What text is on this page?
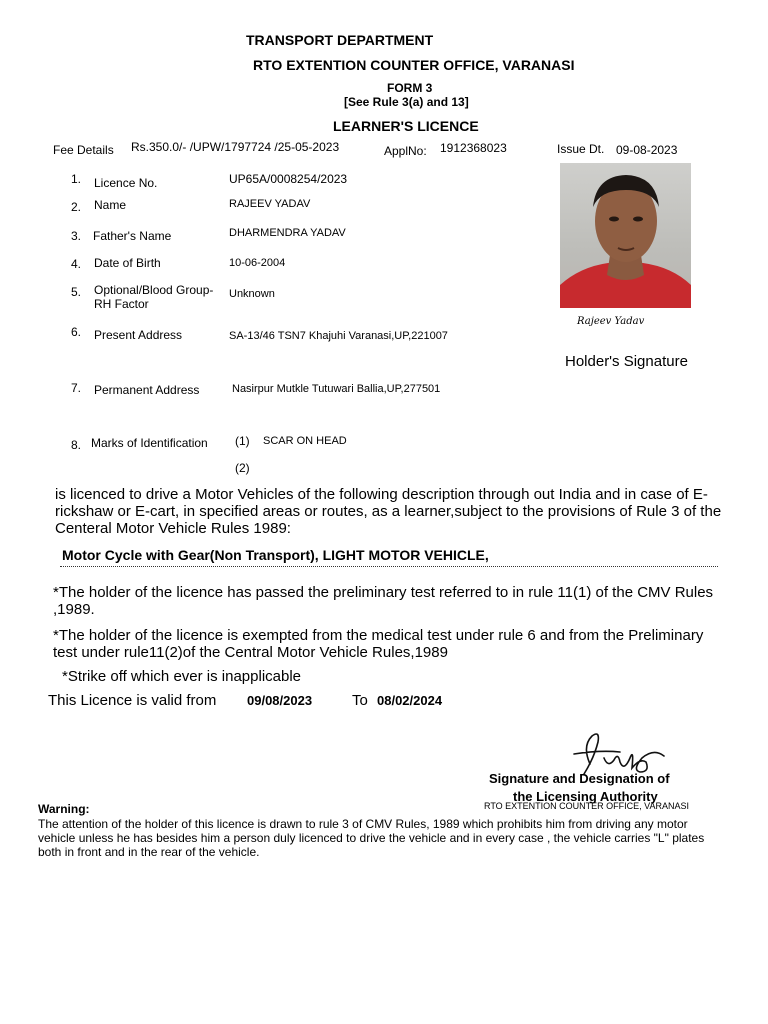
TRANSPORT DEPARTMENT
RTO EXTENTION COUNTER OFFICE, VARANASI
FORM 3
[See Rule 3(a) and 13]
LEARNER'S LICENCE
Fee Details Rs.350.0/- /UPW/1797724 /25-05-2023	ApplNo: 1912368023	Issue Dt. 09-08-2023
1. Licence No.	UP65A/0008254/2023
2. Name	RAJEEV YADAV
3. Father's Name	DHARMENDRA YADAV
4. Date of Birth	10-06-2004
5. Optional/Blood Group-
RH Factor
Unknown
6. Present Address	SA-13/46 TSN7 Khajuhi Varanasi,UP,221007
7. Permanent Address	Nasirpur Mutkle Tutuwari Ballia,UP,277501
8. Marks of Identification (1) SCAR ON HEAD
(2)
Rajeev Yadav
Holder's Signature
is licenced to drive a Motor Vehicles of the following description through out India and in case of E-rickshaw or E-cart, in specified areas or routes, as a learner,subject to the provisions of Rule 3 of the Centeral Motor Vehicle Rules 1989:
Motor Cycle with Gear(Non Transport), LIGHT MOTOR VEHICLE,
*The holder of the licence has passed the preliminary test referred to in rule 11(1) of the CMV Rules ,1989.
*The holder of the licence is exempted from the medical test under rule 6 and from the Preliminary test under rule11(2)of the Central Motor Vehicle Rules,1989
*Strike off which ever is inapplicable
This Licence is valid from 09/08/2023	To 08/02/2024
Signature and Designation of
the Licensing Authority
RTO EXTENTION COUNTER OFFICE, VARANASI
Warning:
The attention of the holder of this licence is drawn to rule 3 of CMV Rules, 1989 which prohibits him from driving any motor vehicle unless he has besides him a person duly licenced to drive the vehicle and in every case , the vehicle carries "L" plates both in front and in the rear of the vehicle.
